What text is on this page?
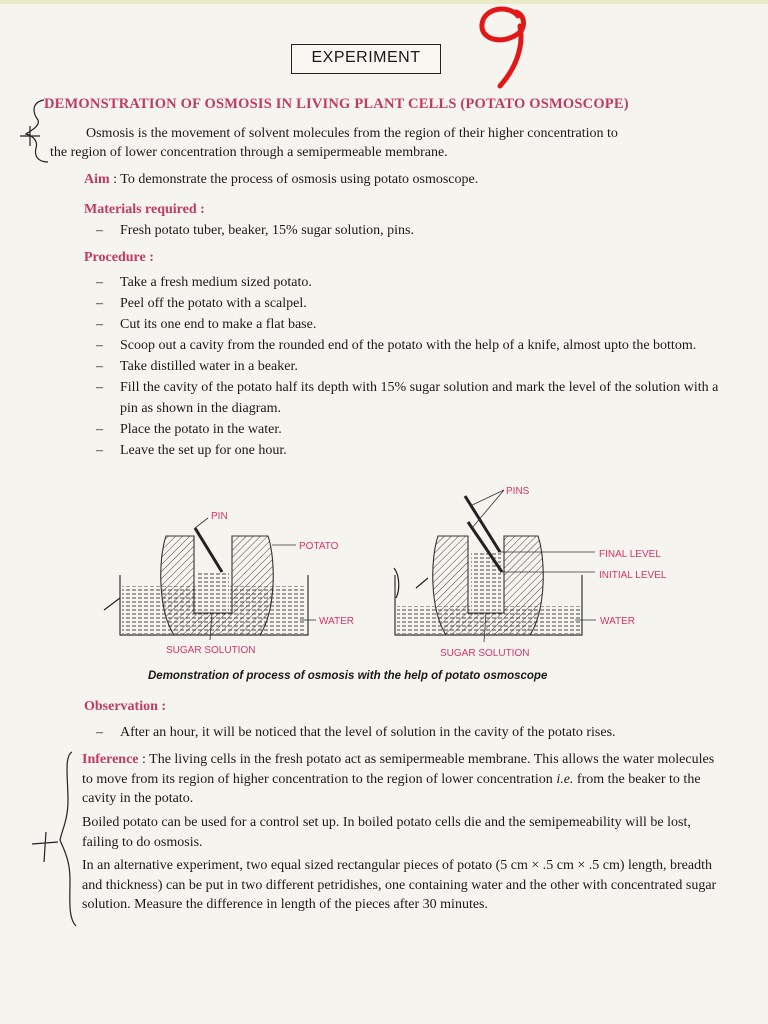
EXPERIMENT
DEMONSTRATION OF OSMOSIS IN LIVING PLANT CELLS (POTATO OSMOSCOPE)
Osmosis is the movement of solvent molecules from the region of their higher concentration to
the region of lower concentration through a semipermeable membrane.
Aim : To demonstrate the process of osmosis using potato osmoscope.
Materials required :
– Fresh potato tuber, beaker, 15% sugar solution, pins.
Procedure :
– Take a fresh medium sized potato.
– Peel off the potato with a scalpel.
– Cut its one end to make a flat base.
– Scoop out a cavity from the rounded end of the potato with the help of a knife, almost upto the bottom.
– Take distilled water in a beaker.
– Fill the cavity of the potato half its depth with 15% sugar solution and mark the level of the solution with a pin as shown in the diagram.
– Place the potato in the water.
– Leave the set up for one hour.
PIN
POTATO
WATER
SUGAR SOLUTION
PINS
FINAL LEVEL
INITIAL LEVEL
WATER
SUGAR SOLUTION
Demonstration of process of osmosis with the help of potato osmoscope
Observation :
– After an hour, it will be noticed that the level of solution in the cavity of the potato rises.
Inference : The living cells in the fresh potato act as semipermeable membrane. This allows the water molecules to move from its region of higher concentration to the region of lower concentration i.e. from the beaker to the cavity in the potato.
Boiled potato can be used for a control set up. In boiled potato cells die and the semipemeability will be lost, failing to do osmosis.
In an alternative experiment, two equal sized rectangular pieces of potato (5 cm × .5 cm × .5 cm) length, breadth and thickness) can be put in two different petridishes, one containing water and the other with concentrated sugar solution. Measure the difference in length of the pieces after 30 minutes.
